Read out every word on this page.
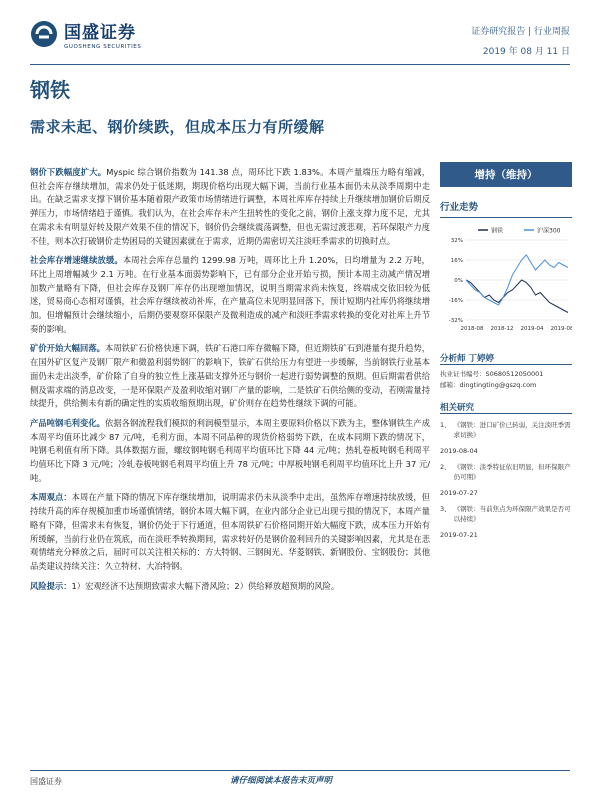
国盛证券
GUOSHENG SECURITIES
证券研究报告 | 行业周报
2019 年 08 月 11 日
钢铁
需求未起、钢价续跌，但成本压力有所缓解

钢价下跌幅度扩大。Myspic 综合钢价指数为 141.38 点，周环比下跌 1.83%。本周产量端压力略有缩减，但社会库存继续增加，需求仍处于低迷期，期现价格均出现大幅下调，当前行业基本面仍未从淡季周期中走出。在缺乏需求支撑下钢价基本随着限产政策市场情绪进行调整，本周社库库存持续上升继续增加钢价后期反弹压力，市场情绪趋于谨慎。我们认为，在社会库存未产生扭转性的变化之前，钢价上涨支撑力度不足，尤其在需求未有明显好转及限产效果不佳的情况下，钢价仍会继续震荡调整，但也无需过渡悲观，若环保限产力度不佳，则本次打破钢价走势困局的关键因素就在于需求，近期仍需密切关注淡旺季需求的切换时点。

社会库存增速继续放缓。本周社会库存总量约 1299.98 万吨，周环比上升 1.20%，日均增量为 2.2 万吨，环比上周增幅减少 2.1 万吨。在行业基本面弱势影响下，已有部分企业开始亏损，预计本周主动减产情况增加数产量略有下降，但社会库存及钢厂库存仍出现增加情况，说明当期需求尚未恢复，终端成交依旧较为低迷，贸易商心态相对谨慎，社会库存继续被动补库，在产量高位未见明显回落下，预计短期内社库仍将继续增加。但增幅预计会继续缩小，后期仍要观察环保限产及微利造成的减产和淡旺季需求转换的变化对社库上升节奏的影响。

矿价开始大幅回落。本周铁矿石价格快速下调，铁矿石港口库存微幅下降，但近期铁矿石到港量有提升趋势，在国外矿区复产及钢厂限产和微盈利弱势钢厂的影响下，铁矿石供给压力有望进一步缓解，当前钢铁行业基本面仍未走出淡季，矿价除了自身的独立性上涨基础支撑外还与钢价一起进行弱势调整的预期。但后期需看供给侧及需求端的消息改变，一是环保限产及盈利收缩对钢厂产量的影响，二是铁矿石供给侧的变动，若刚需量持续提升，供给侧未有新的确定性的实质收缩预期出现，矿价则存在趋势性继续下调的可能。

产品吨钢毛利变化。依据各钢流程我们模拟的利润模型显示，本周主要原料价格以下跌为主，整体钢铁生产成本周平均值环比减少 87 元/吨，毛利方面，本周不同品种的现货价格弱势下跌，在成本同期下跌的情况下，吨钢毛利值有所下降。具体数据方面，螺纹钢吨钢毛利周平均值环比下降 44 元/吨；热轧卷板吨钢毛利周平均值环比下降 3 元/吨；冷轧卷板吨钢毛利周平均值上升 78 元/吨；中厚板吨钢毛利周平均值环比上升 37 元/吨。

本周观点：本周在产量下降的情况下库存继续增加，说明需求仍未从淡季中走出，虽然库存增速持续放缓，但持续升高的库存规模加重市场谨慎情绪，钢价本周大幅下调，在业内部分企业已出现亏损的情况下，本周产量略有下降，但需求未有恢复，钢价仍处于下行通道，但本周铁矿石价格同期开始大幅度下跌，成本压力开始有所缓解，当前行业仍在筑底，而在淡旺季转换期间，需求转好仍是钢价盈利回升的关键影响因素，尤其是在悲观情绪充分释放之后，届时可以关注相关标的：方大特钢、三钢闽光、华菱钢铁、新钢股份、宝钢股份；其他品类建议持续关注：久立特材、大冶特钢。

风险提示：1）宏观经济不达预期致需求大幅下滑风险；2）供给释放超预期的风险。

增持（维持）
行业走势
钢铁	沪深300
32%
16%
0%
-16%
-32%
2018-08 2018-12 2019-04 2019-08
分析师 丁婷婷
执业证书编号：S0680512050001
邮箱：dingtingting@gszq.com
相关研究
1、 《钢铁：进口矿价已转弱，关注淡旺季需求切换》
2019-08-04
2、 《钢铁：淡季特征依旧明显，但环保限产仍可期》
2019-07-27
3、 《钢铁：当前焦点为环保限产效果是否可以持续》
2019-07-21
国盛证券	请仔细阅读本报告末页声明
